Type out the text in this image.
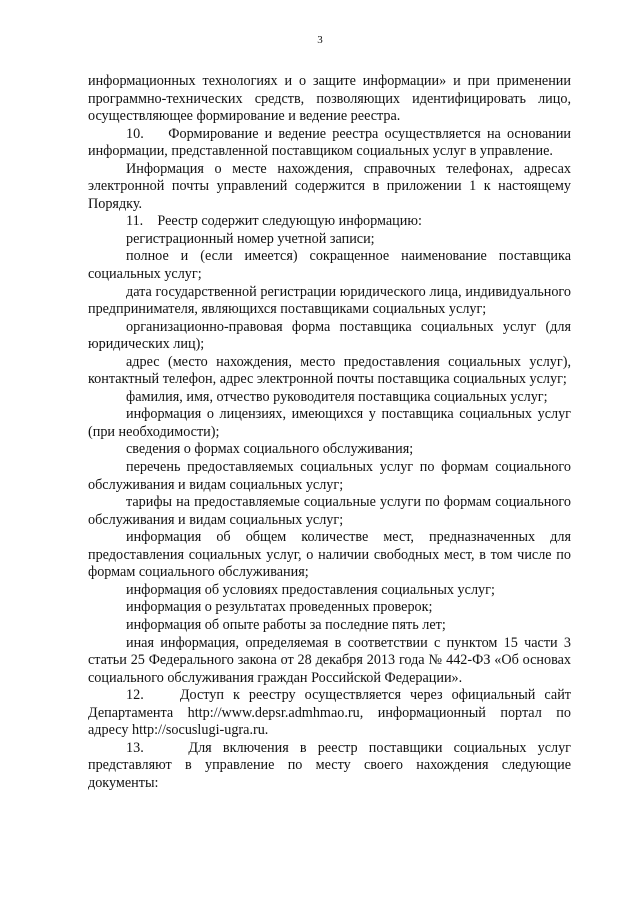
3

информационных технологиях и о защите информации» и при применении программно-технических средств, позволяющих идентифицировать лицо, осуществляющее формирование и ведение реестра.

10.    Формирование и ведение реестра осуществляется на основании информации, представленной поставщиком социальных услуг в управление.

Информация о месте нахождения, справочных телефонах, адресах электронной почты управлений содержится в приложении 1 к настоящему Порядку.

11.    Реестр содержит следующую информацию:

регистрационный номер учетной записи;

полное и (если имеется) сокращенное наименование поставщика социальных услуг;

дата государственной регистрации юридического лица, индивидуального предпринимателя, являющихся поставщиками социальных услуг;

организационно-правовая форма поставщика социальных услуг (для юридических лиц);

адрес (место нахождения, место предоставления социальных услуг), контактный телефон, адрес электронной почты поставщика социальных услуг;

фамилия, имя, отчество руководителя поставщика социальных услуг;

информация о лицензиях, имеющихся у поставщика социальных услуг (при необходимости);

сведения о формах социального обслуживания;

перечень предоставляемых социальных услуг по формам социального обслуживания и видам социальных услуг;

тарифы на предоставляемые социальные услуги по формам социального обслуживания и видам социальных услуг;

информация об общем количестве мест, предназначенных для предоставления социальных услуг, о наличии свободных мест, в том числе по формам социального обслуживания;

информация об условиях предоставления социальных услуг;

информация о результатах проведенных проверок;

информация об опыте работы за последние пять лет;

иная информация, определяемая в соответствии с пунктом 15 части 3 статьи 25 Федерального закона от 28 декабря 2013 года № 442-ФЗ «Об основах социального обслуживания граждан Российской Федерации».

12.    Доступ к реестру осуществляется через официальный сайт Департамента http://www.depsr.admhmao.ru, информационный портал по адресу http://socuslugi-ugra.ru.

13.    Для включения в реестр поставщики социальных услуг представляют в управление по месту своего нахождения следующие документы:
